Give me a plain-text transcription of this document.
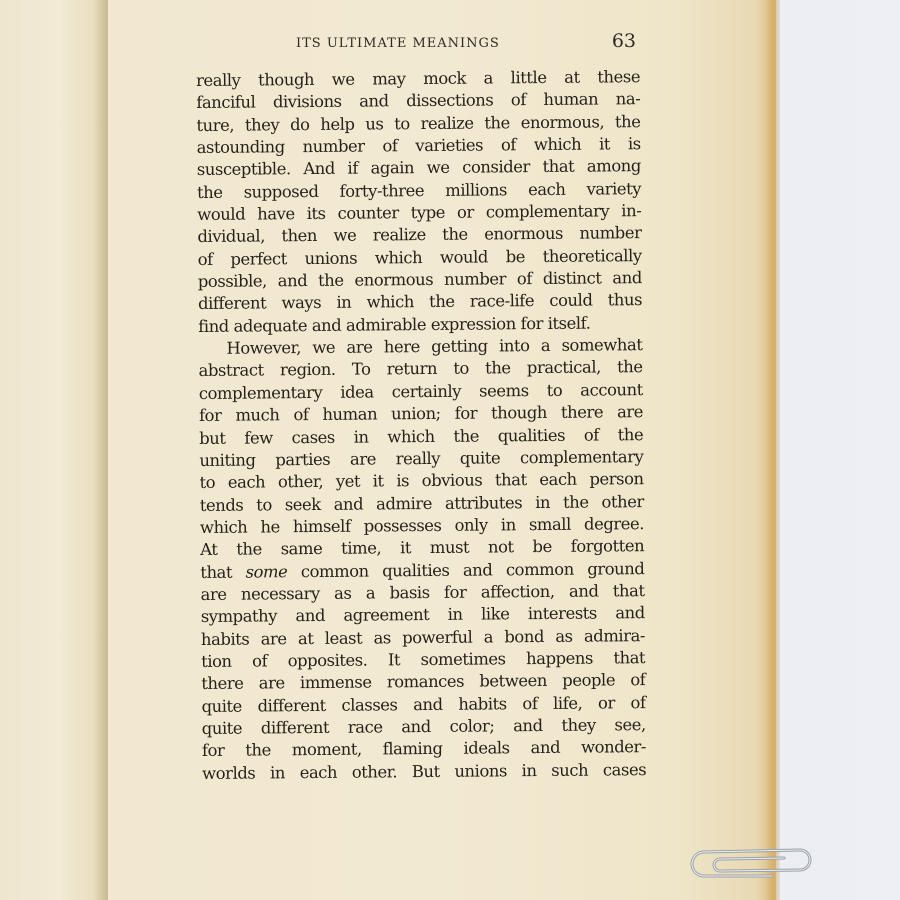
ITS ULTIMATE MEANINGS	63
really though we may mock a little at these
fanciful divisions and dissections of human na-
ture, they do help us to realize the enormous, the
astounding number of varieties of which it is
susceptible. And if again we consider that among
the supposed forty-three millions each variety
would have its counter type or complementary in-
dividual, then we realize the enormous number
of perfect unions which would be theoretically
possible, and the enormous number of distinct and
different ways in which the race-life could thus
find adequate and admirable expression for itself.
However, we are here getting into a somewhat
abstract region. To return to the practical, the
complementary idea certainly seems to account
for much of human union; for though there are
but few cases in which the qualities of the
uniting parties are really quite complementary
to each other, yet it is obvious that each person
tends to seek and admire attributes in the other
which he himself possesses only in small degree.
At the same time, it must not be forgotten
that some common qualities and common ground
are necessary as a basis for affection, and that
sympathy and agreement in like interests and
habits are at least as powerful a bond as admira-
tion of opposites. It sometimes happens that
there are immense romances between people of
quite different classes and habits of life, or of
quite different race and color; and they see,
for the moment, flaming ideals and wonder-
worlds in each other. But unions in such cases
